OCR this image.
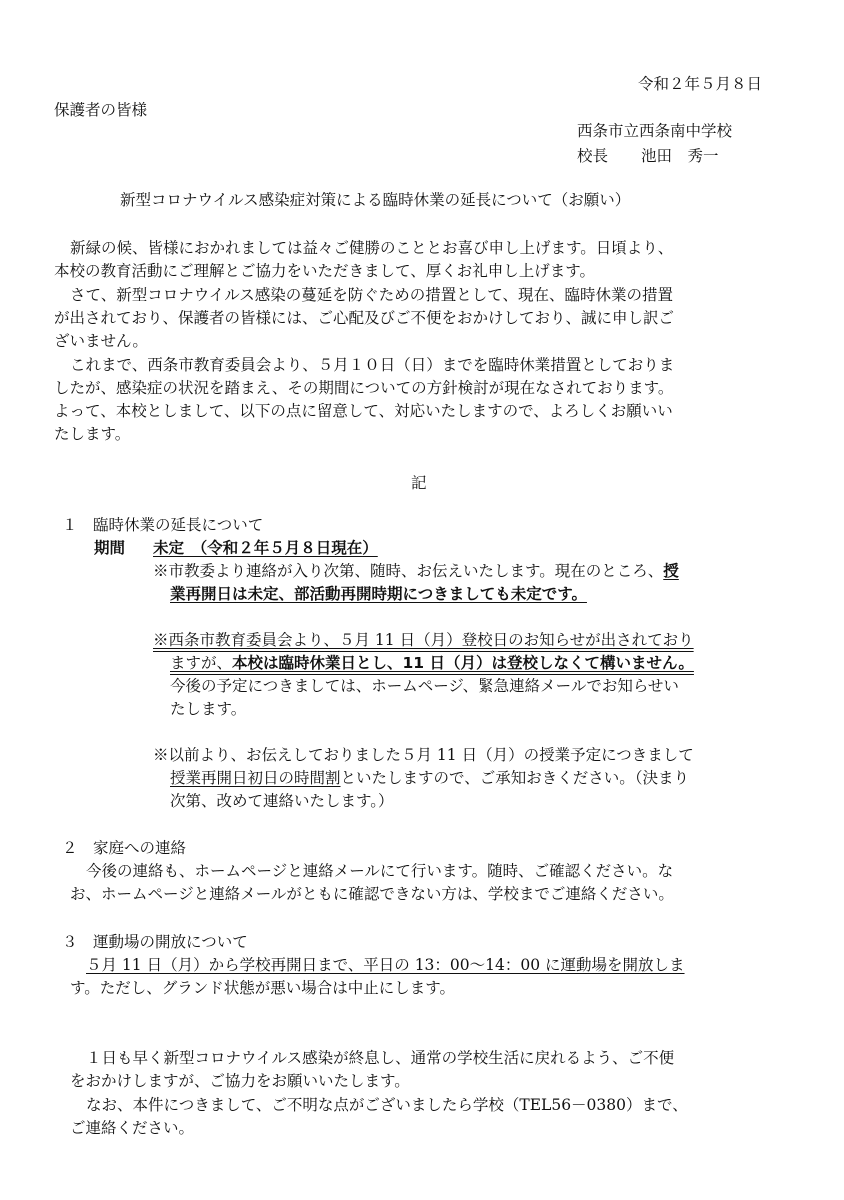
令和２年５月８日
保護者の皆様
西条市立西条南中学校
校長 池田　秀一
新型コロナウイルス感染症対策による臨時休業の延長について（お願い）
新緑の候、皆様におかれましては益々ご健勝のこととお喜び申し上げます。日頃より、
本校の教育活動にご理解とご協力をいただきまして、厚くお礼申し上げます。
さて、新型コロナウイルス感染の蔓延を防ぐための措置として、現在、臨時休業の措置
が出されており、保護者の皆様には、ご心配及びご不便をおかけしており、誠に申し訳ご
ざいません。
これまで、西条市教育委員会より、５月１０日（日）までを臨時休業措置としておりま
したが、感染症の状況を踏まえ、その期間についての方針検討が現在なされております。
よって、本校としまして、以下の点に留意して、対応いたしますので、よろしくお願いい
たします。
記
１　臨時休業の延長について
期間 未定　（令和２年５月８日現在）
※市教委より連絡が入り次第、随時、お伝えいたします。現在のところ、授
業再開日は未定、部活動再開時期につきましても未定です。
※西条市教育委員会より、５月 11 日（月）登校日のお知らせが出されており
ますが、本校は臨時休業日とし、11 日（月）は登校しなくて構いません。
今後の予定につきましては、ホームページ、緊急連絡メールでお知らせい
たします。
※以前より、お伝えしておりました５月 11 日（月）の授業予定につきまして
授業再開日初日の時間割といたしますので、ご承知おきください。（決まり
次第、改めて連絡いたします。）
２　家庭への連絡
今後の連絡も、ホームページと連絡メールにて行います。随時、ご確認ください。な
お、ホームページと連絡メールがともに確認できない方は、学校までご連絡ください。
３　運動場の開放について
５月 11 日（月）から学校再開日まで、平日の 13：00～14：00 に運動場を開放しま
す。ただし、グランド状態が悪い場合は中止にします。
１日も早く新型コロナウイルス感染が終息し、通常の学校生活に戻れるよう、ご不便
をおかけしますが、ご協力をお願いいたします。
なお、本件につきまして、ご不明な点がございましたら学校（TEL56－0380）まで、
ご連絡ください。
